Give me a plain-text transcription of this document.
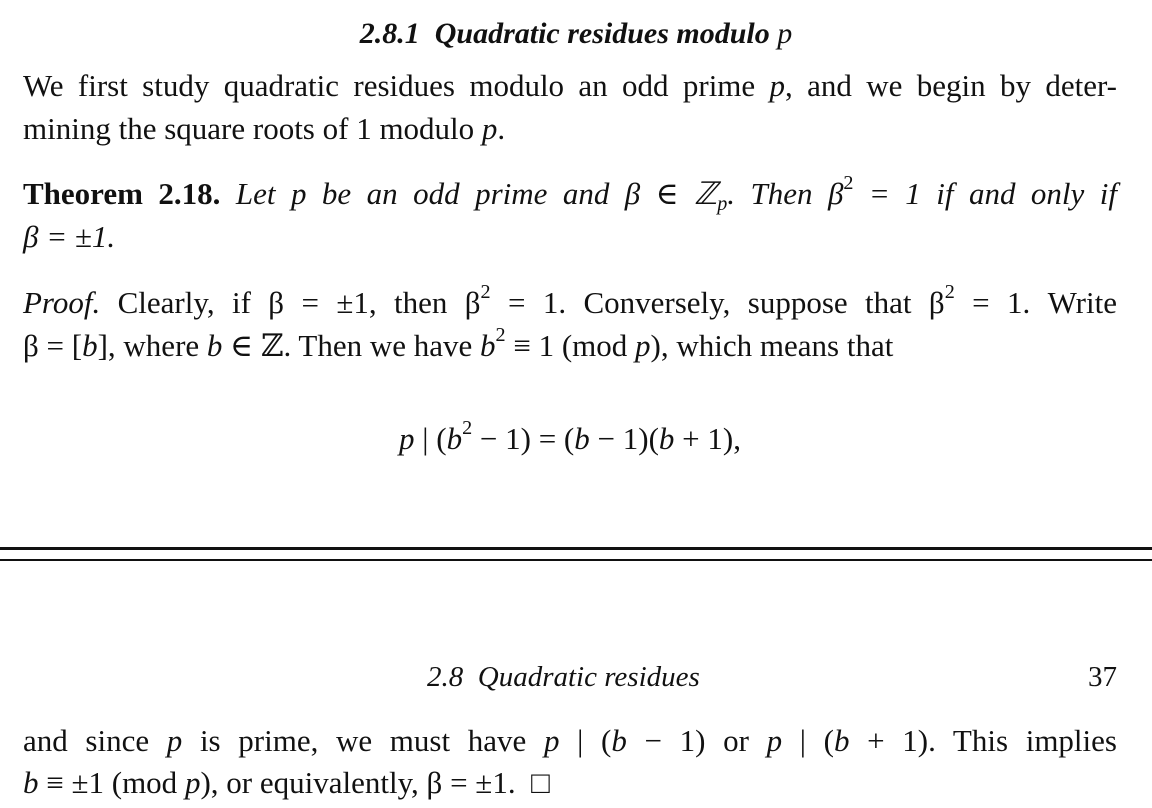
2.8.1 Quadratic residues modulo p
We first study quadratic residues modulo an odd prime p, and we begin by deter-
mining the square roots of 1 modulo p.
Theorem 2.18. Let p be an odd prime and β ∈ ℤ$_p$. Then $\beta^2 = 1$ if and only if
β = ±1.
Proof. Clearly, if β = ±1, then $\beta^2 = 1$. Conversely, suppose that $\beta^2 = 1$. Write
β = [b], where b ∈ ℤ. Then we have $b^2 \equiv 1$ (mod p), which means that
p | $(b^2 - 1) = (b - 1)(b + 1)$,
2.8 Quadratic residues	37
and since p is prime, we must have p | (b − 1) or p | (b + 1). This implies
b ≡ ±1 (mod p), or equivalently, β = ±1. □
